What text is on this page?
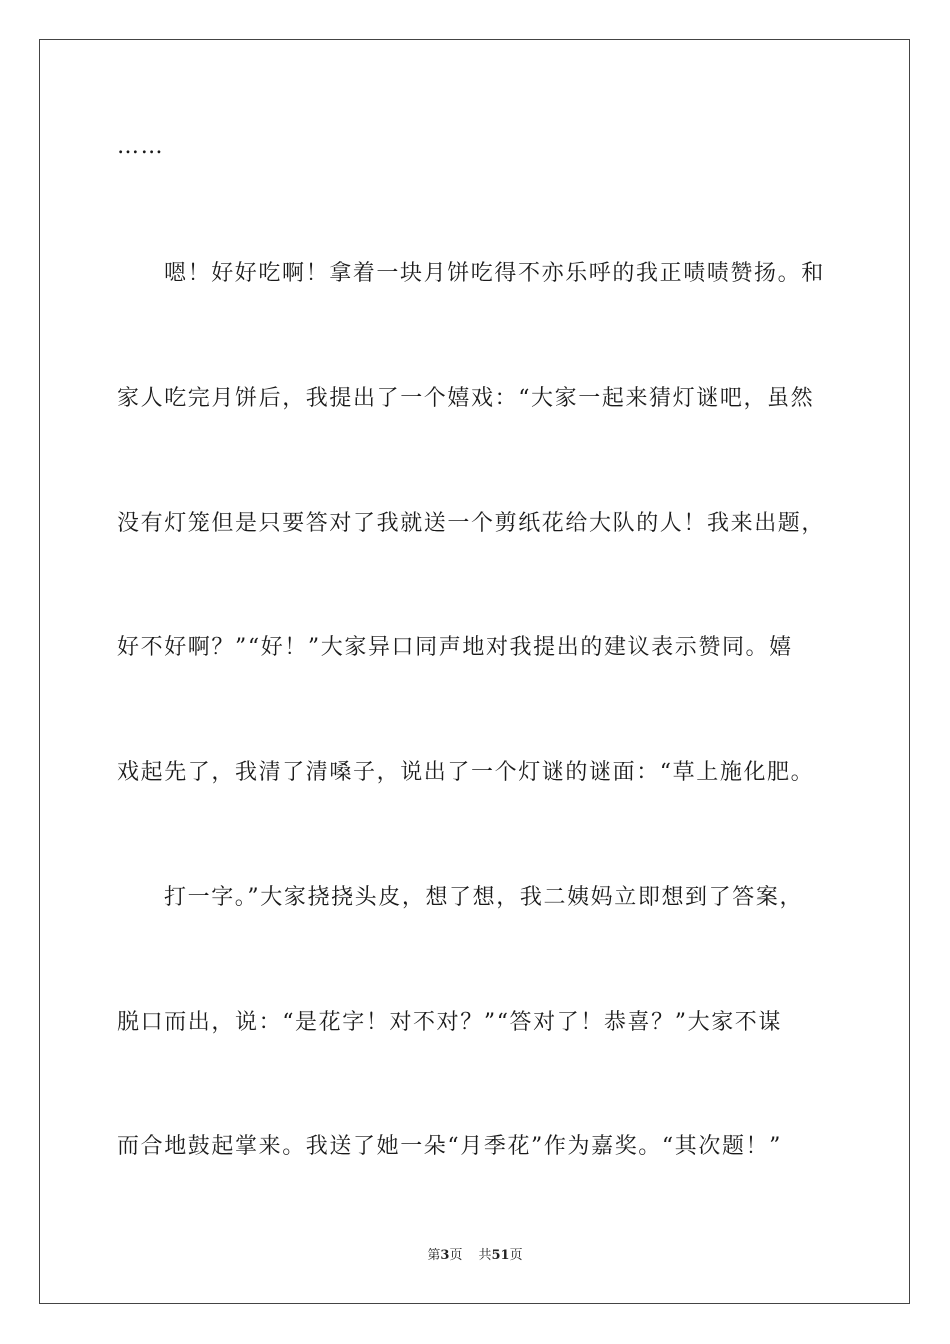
……
嗯！好好吃啊！拿着一块月饼吃得不亦乐呼的我正啧啧赞扬。和
家人吃完月饼后，我提出了一个嬉戏：“大家一起来猜灯谜吧，虽然
没有灯笼但是只要答对了我就送一个剪纸花给大队的人！我来出题，
好不好啊？”“好！”大家异口同声地对我提出的建议表示赞同。嬉
戏起先了，我清了清嗓子，说出了一个灯谜的谜面：“草上施化肥。
打一字。”大家挠挠头皮，想了想，我二姨妈立即想到了答案，
脱口而出，说：“是花字！对不对？”“答对了！恭喜？”大家不谋
而合地鼓起掌来。我送了她一朵“月季花”作为嘉奖。“其次题！”
第3页 共51页
